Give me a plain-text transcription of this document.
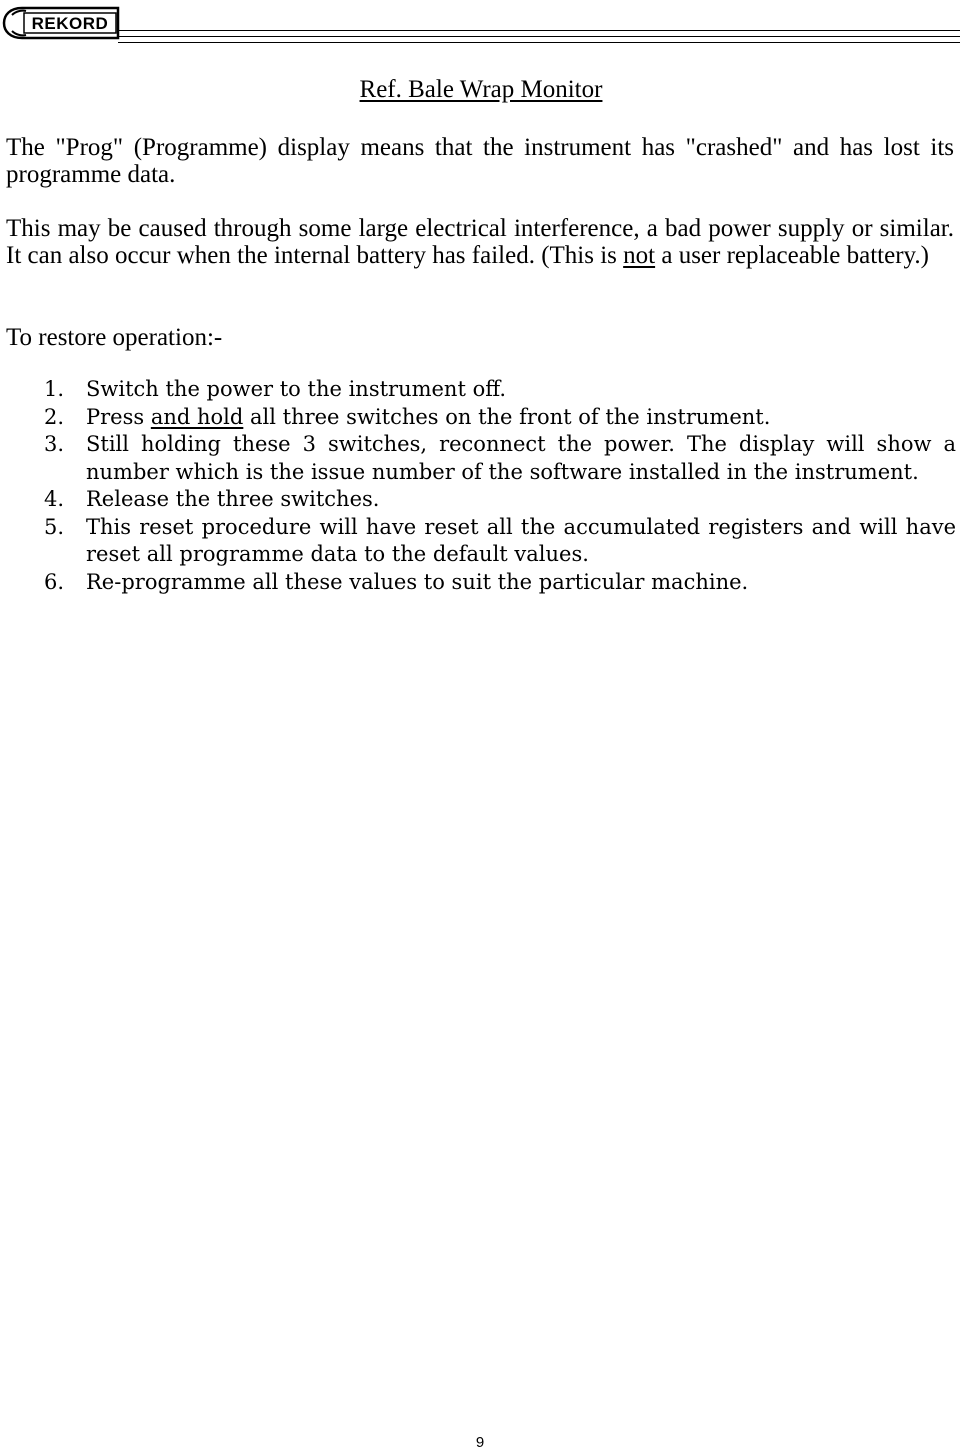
REKORD
Ref. Bale Wrap Monitor

The "Prog" (Programme) display means that the instrument has "crashed" and has lost its programme data.

This may be caused through some large electrical interference, a bad power supply or similar. It can also occur when the internal battery has failed. (This is not a user replaceable battery.)

To restore operation:-

1. Switch the power to the instrument off.
2. Press and hold all three switches on the front of the instrument.
3. Still holding these 3 switches, reconnect the power. The display will show a number which is the issue number of the software installed in the instrument.
4. Release the three switches.
5. This reset procedure will have reset all the accumulated registers and will have reset all programme data to the default values.
6. Re-programme all these values to suit the particular machine.
9
